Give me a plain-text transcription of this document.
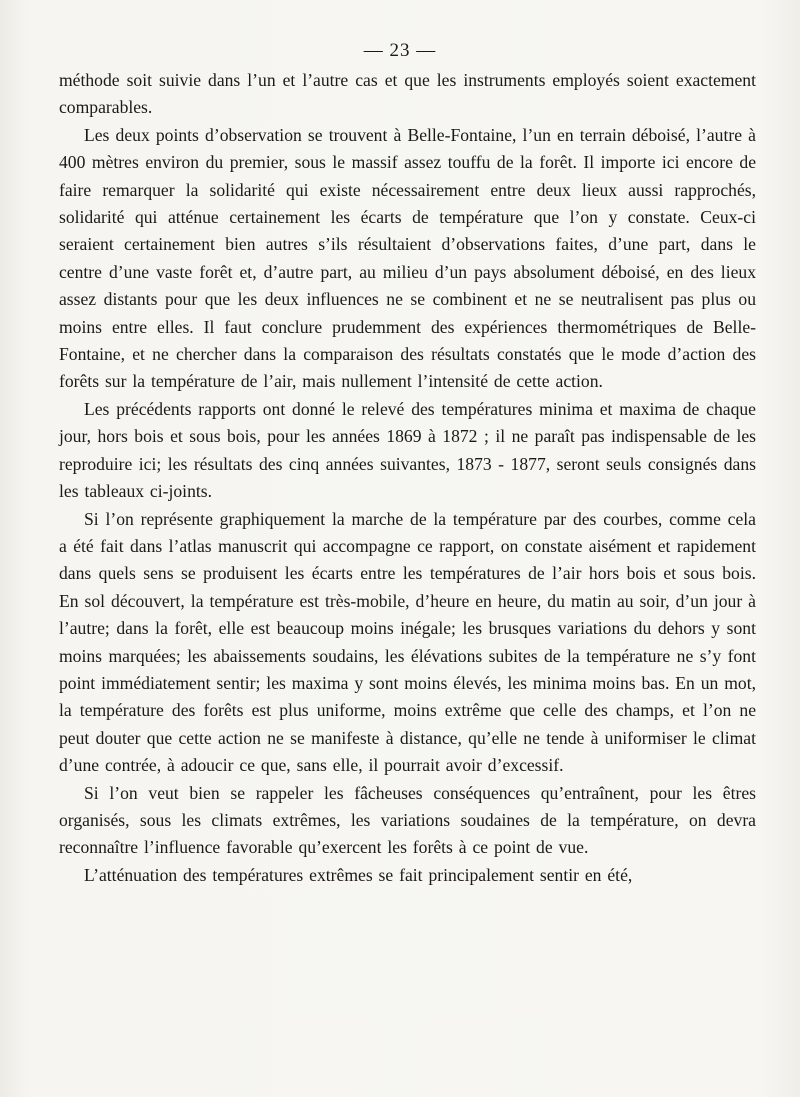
— 23 —

méthode soit suivie dans l’un et l’autre cas et que les instruments employés soient exactement comparables.

Les deux points d’observation se trouvent à Belle-Fontaine, l’un en terrain déboisé, l’autre à 400 mètres environ du premier, sous le massif assez touffu de la forêt. Il importe ici encore de faire remarquer la solidarité qui existe nécessairement entre deux lieux aussi rapprochés, solidarité qui atténue certainement les écarts de température que l’on y constate. Ceux-ci seraient certainement bien autres s’ils résultaient d’observations faites, d’une part, dans le centre d’une vaste forêt et, d’autre part, au milieu d’un pays absolument déboisé, en des lieux assez distants pour que les deux influences ne se combinent et ne se neutralisent pas plus ou moins entre elles. Il faut conclure prudemment des expériences thermométriques de Belle-Fontaine, et ne chercher dans la comparaison des résultats constatés que le mode d’action des forêts sur la température de l’air, mais nullement l’intensité de cette action.

Les précédents rapports ont donné le relevé des températures minima et maxima de chaque jour, hors bois et sous bois, pour les années 1869 à 1872 ; il ne paraît pas indispensable de les reproduire ici; les résultats des cinq années suivantes, 1873 - 1877, seront seuls consignés dans les tableaux ci-joints.

Si l’on représente graphiquement la marche de la température par des courbes, comme cela a été fait dans l’atlas manuscrit qui accompagne ce rapport, on constate aisément et rapidement dans quels sens se produisent les écarts entre les températures de l’air hors bois et sous bois. En sol découvert, la température est très-mobile, d’heure en heure, du matin au soir, d’un jour à l’autre; dans la forêt, elle est beaucoup moins inégale; les brusques variations du dehors y sont moins marquées; les abaissements soudains, les élévations subites de la température ne s’y font point immédiatement sentir; les maxima y sont moins élevés, les minima moins bas. En un mot, la température des forêts est plus uniforme, moins extrême que celle des champs, et l’on ne peut douter que cette action ne se manifeste à distance, qu’elle ne tende à uniformiser le climat d’une contrée, à adoucir ce que, sans elle, il pourrait avoir d’excessif.

Si l’on veut bien se rappeler les fâcheuses conséquences qu’entraînent, pour les êtres organisés, sous les climats extrêmes, les variations soudaines de la température, on devra reconnaître l’influence favorable qu’exercent les forêts à ce point de vue.

L’atténuation des températures extrêmes se fait principalement sentir en été,
